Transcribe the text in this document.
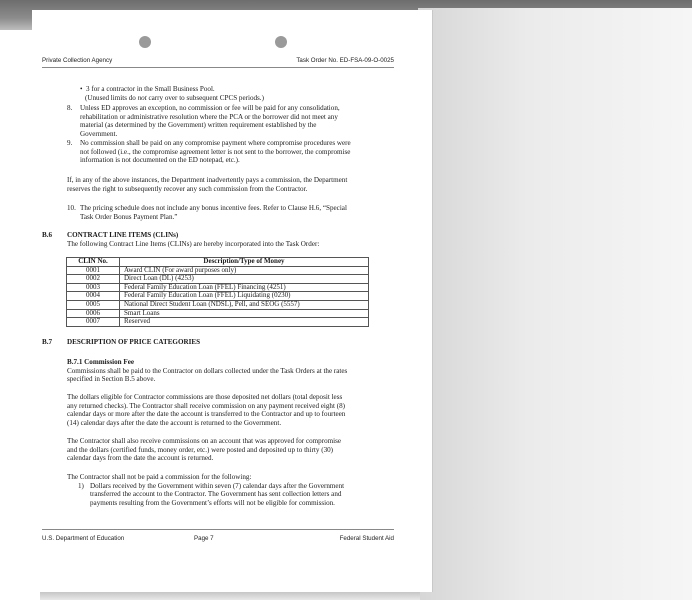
Private Collection Agency	Task Order No. ED-FSA-09-O-0025
•  3 for a contractor in the Small Business Pool.
(Unused limits do not carry over to subsequent CPCS periods.)
8. Unless ED approves an exception, no commission or fee will be paid for any consolidation,
rehabilitation or administrative resolution where the PCA or the borrower did not meet any
material (as determined by the Government) written requirement established by the
Government.
9. No commission shall be paid on any compromise payment where compromise procedures were
not followed (i.e., the compromise agreement letter is not sent to the borrower, the compromise
information is not documented on the ED notepad, etc.).
If, in any of the above instances, the Department inadvertently pays a commission, the Department
reserves the right to subsequently recover any such commission from the Contractor.
10. The pricing schedule does not include any bonus incentive fees. Refer to Clause H.6, “Special
Task Order Bonus Payment Plan.”
B.6 CONTRACT LINE ITEMS (CLINs)
The following Contract Line Items (CLINs) are hereby incorporated into the Task Order:
CLIN No.	Description/Type of Money
0001	Award CLIN (For award purposes only)
0002	Direct Loan (DL) (4253)
0003	Federal Family Education Loan (FFEL) Financing (4251)
0004	Federal Family Education Loan (FFEL) Liquidating (0230)
0005	National Direct Student Loan (NDSL), Pell, and SEOG (5557)
0006	Smart Loans
0007	Reserved
B.7 DESCRIPTION OF PRICE CATEGORIES
B.7.1 Commission Fee
Commissions shall be paid to the Contractor on dollars collected under the Task Orders at the rates
specified in Section B.5 above.
The dollars eligible for Contractor commissions are those deposited net dollars (total deposit less
any returned checks). The Contractor shall receive commission on any payment received eight (8)
calendar days or more after the date the account is transferred to the Contractor and up to fourteen
(14) calendar days after the date the account is returned to the Government.
The Contractor shall also receive commissions on an account that was approved for compromise
and the dollars (certified funds, money order, etc.) were posted and deposited up to thirty (30)
calendar days from the date the account is returned.
The Contractor shall not be paid a commission for the following:
1) Dollars received by the Government within seven (7) calendar days after the Government
transferred the account to the Contractor. The Government has sent collection letters and
payments resulting from the Government’s efforts will not be eligible for commission.
U.S. Department of Education	Page 7	Federal Student Aid
